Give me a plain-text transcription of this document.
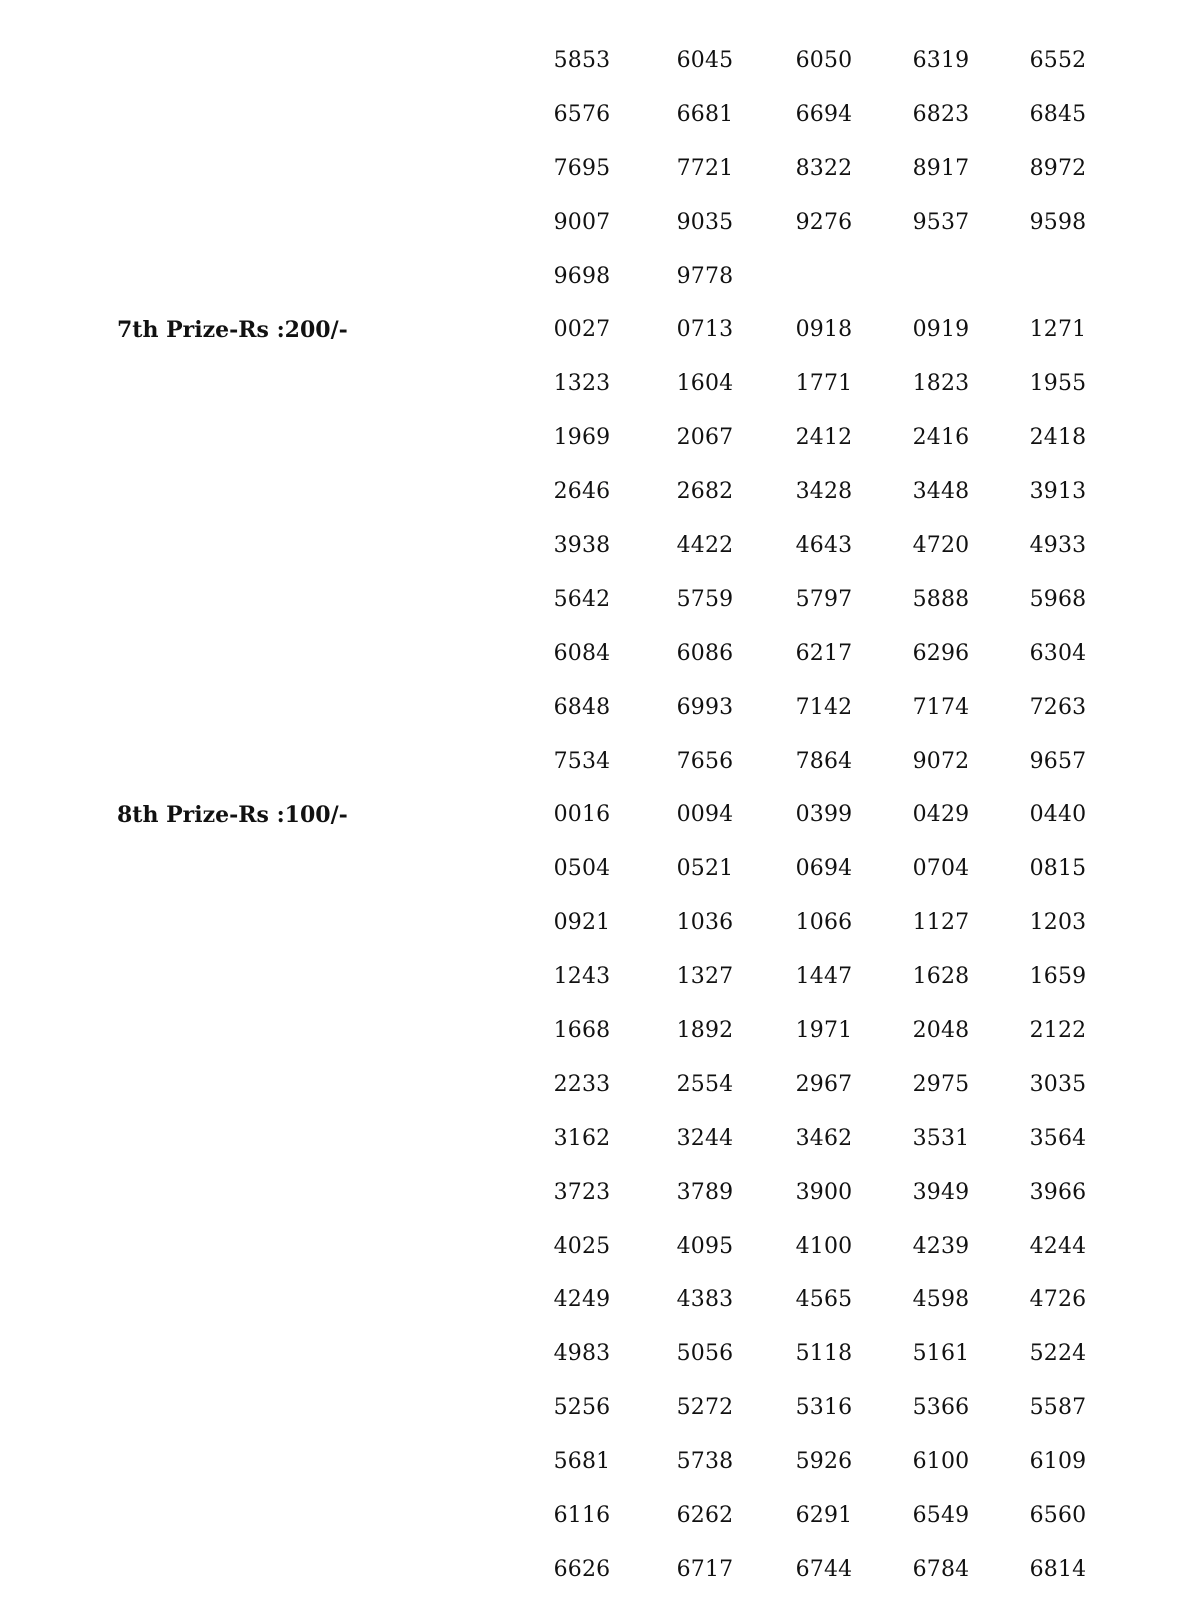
5853	6045	6050	6319	6552
6576	6681	6694	6823	6845
7695	7721	8322	8917	8972
9007	9035	9276	9537	9598
9698	9778
7th Prize-Rs :200/-	0027	0713	0918	0919	1271
1323	1604	1771	1823	1955
1969	2067	2412	2416	2418
2646	2682	3428	3448	3913
3938	4422	4643	4720	4933
5642	5759	5797	5888	5968
6084	6086	6217	6296	6304
6848	6993	7142	7174	7263
7534	7656	7864	9072	9657
8th Prize-Rs :100/-	0016	0094	0399	0429	0440
0504	0521	0694	0704	0815
0921	1036	1066	1127	1203
1243	1327	1447	1628	1659
1668	1892	1971	2048	2122
2233	2554	2967	2975	3035
3162	3244	3462	3531	3564
3723	3789	3900	3949	3966
4025	4095	4100	4239	4244
4249	4383	4565	4598	4726
4983	5056	5118	5161	5224
5256	5272	5316	5366	5587
5681	5738	5926	6100	6109
6116	6262	6291	6549	6560
6626	6717	6744	6784	6814
